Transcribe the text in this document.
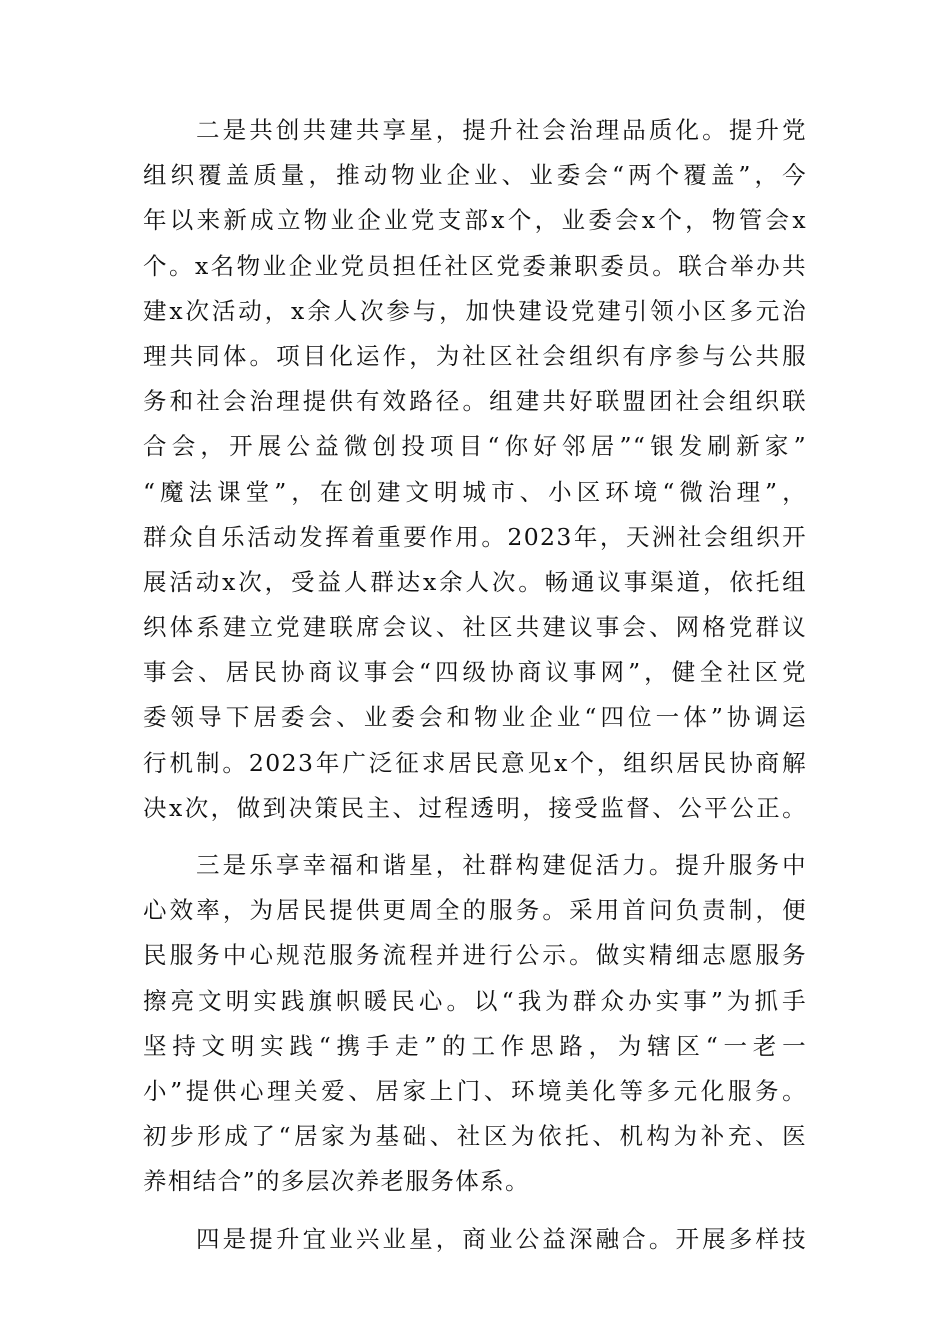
二是共创共建共享星，提升社会治理品质化。提升党
组织覆盖质量，推动物业企业、业委会“两个覆盖”，今
年以来新成立物业企业党支部x个，业委会x个，物管会x
个。x名物业企业党员担任社区党委兼职委员。联合举办共
建x次活动，x余人次参与，加快建设党建引领小区多元治
理共同体。项目化运作，为社区社会组织有序参与公共服
务和社会治理提供有效路径。组建共好联盟团社会组织联
合会，开展公益微创投项目“你好邻居”“银发刷新家”
“魔法课堂”，在创建文明城市、小区环境“微治理”，
群众自乐活动发挥着重要作用。2023年，天洲社会组织开
展活动x次，受益人群达x余人次。畅通议事渠道，依托组
织体系建立党建联席会议、社区共建议事会、网格党群议
事会、居民协商议事会“四级协商议事网”，健全社区党
委领导下居委会、业委会和物业企业“四位一体”协调运
行机制。2023年广泛征求居民意见x个，组织居民协商解
决x次，做到决策民主、过程透明，接受监督、公平公正。
三是乐享幸福和谐星，社群构建促活力。提升服务中
心效率，为居民提供更周全的服务。采用首问负责制，便
民服务中心规范服务流程并进行公示。做实精细志愿服务
擦亮文明实践旗帜暖民心。以“我为群众办实事”为抓手
坚持文明实践“携手走”的工作思路，为辖区“一老一
小”提供心理关爱、居家上门、环境美化等多元化服务。
初步形成了“居家为基础、社区为依托、机构为补充、医
养相结合”的多层次养老服务体系。
四是提升宜业兴业星，商业公益深融合。开展多样技
